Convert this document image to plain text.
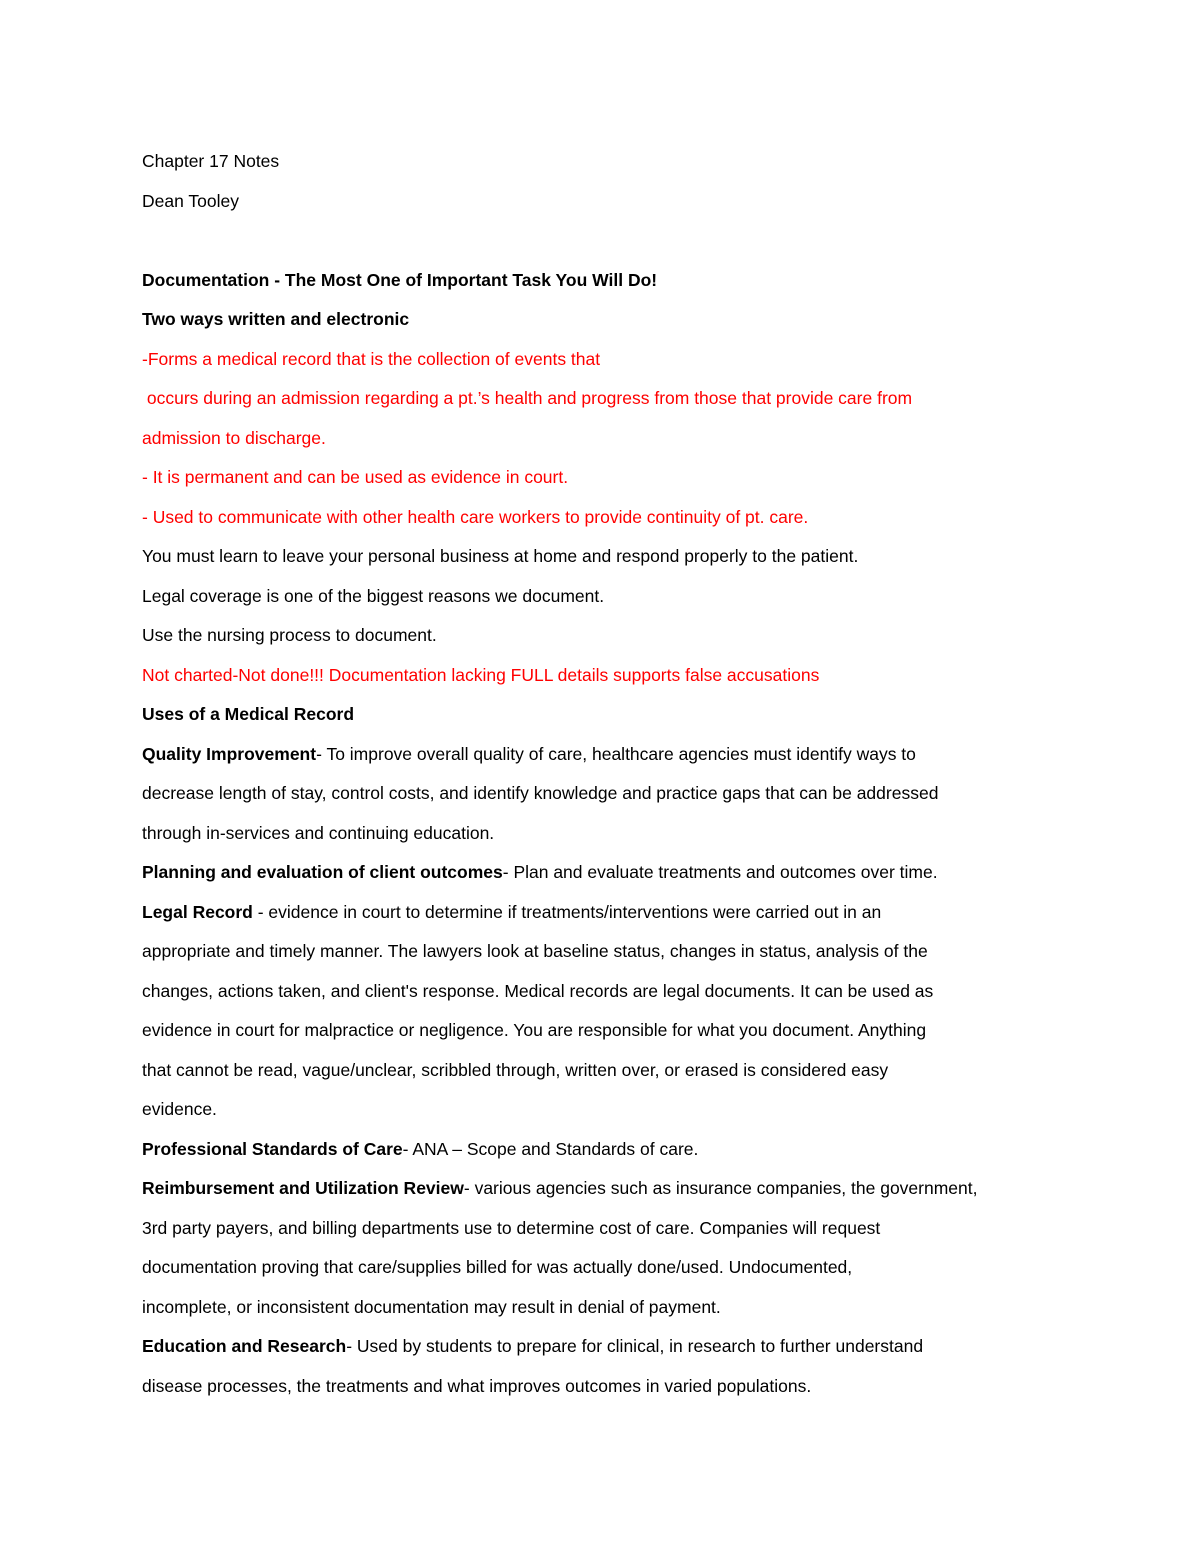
Chapter 17 Notes

Dean Tooley

Documentation - The Most One of Important Task You Will Do!

Two ways written and electronic

-Forms a medical record that is the collection of events that

occurs during an admission regarding a pt.’s health and progress from those that provide care from

admission to discharge.

- It is permanent and can be used as evidence in court.

- Used to communicate with other health care workers to provide continuity of pt. care.

You must learn to leave your personal business at home and respond properly to the patient.

Legal coverage is one of the biggest reasons we document.

Use the nursing process to document.

Not charted-Not done!!! Documentation lacking FULL details supports false accusations

Uses of a Medical Record

Quality Improvement- To improve overall quality of care, healthcare agencies must identify ways to

decrease length of stay, control costs, and identify knowledge and practice gaps that can be addressed

through in-services and continuing education.

Planning and evaluation of client outcomes- Plan and evaluate treatments and outcomes over time.

Legal Record - evidence in court to determine if treatments/interventions were carried out in an

appropriate and timely manner. The lawyers look at baseline status, changes in status, analysis of the

changes, actions taken, and client's response. Medical records are legal documents. It can be used as

evidence in court for malpractice or negligence. You are responsible for what you document. Anything

that cannot be read, vague/unclear, scribbled through, written over, or erased is considered easy

evidence.

Professional Standards of Care- ANA – Scope and Standards of care.

Reimbursement and Utilization Review- various agencies such as insurance companies, the government,

3rd party payers, and billing departments use to determine cost of care. Companies will request

documentation proving that care/supplies billed for was actually done/used. Undocumented,

incomplete, or inconsistent documentation may result in denial of payment.

Education and Research- Used by students to prepare for clinical, in research to further understand

disease processes, the treatments and what improves outcomes in varied populations.
